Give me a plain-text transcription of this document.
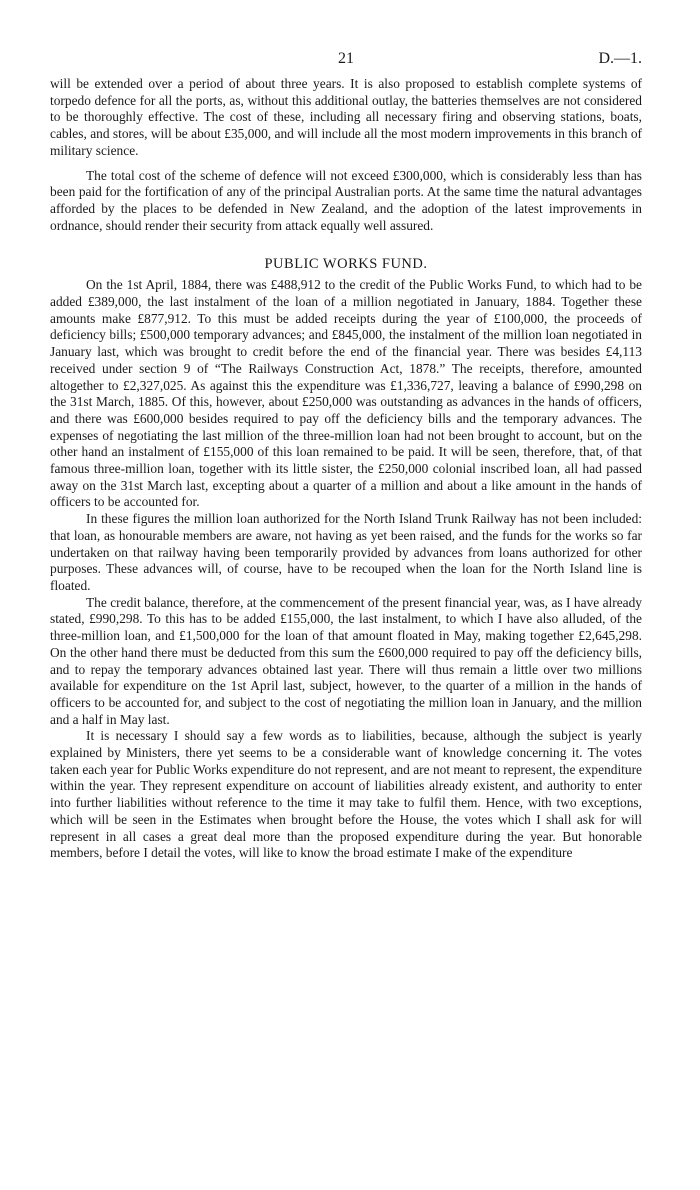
21	D.—1.

will be extended over a period of about three years. It is also proposed to establish complete systems of torpedo defence for all the ports, as, without this additional outlay, the batteries themselves are not considered to be thoroughly effective. The cost of these, including all necessary firing and observing stations, boats, cables, and stores, will be about £35,000, and will include all the most modern improvements in this branch of military science.

The total cost of the scheme of defence will not exceed £300,000, which is considerably less than has been paid for the fortification of any of the principal Australian ports. At the same time the natural advantages afforded by the places to be defended in New Zealand, and the adoption of the latest improvements in ordnance, should render their security from attack equally well assured.

PUBLIC WORKS FUND.

On the 1st April, 1884, there was £488,912 to the credit of the Public Works Fund, to which had to be added £389,000, the last instalment of the loan of a million negotiated in January, 1884. Together these amounts make £877,912. To this must be added receipts during the year of £100,000, the proceeds of deficiency bills; £500,000 temporary advances; and £845,000, the instalment of the million loan negotiated in January last, which was brought to credit before the end of the financial year. There was besides £4,113 received under section 9 of “The Railways Construction Act, 1878.” The receipts, therefore, amounted altogether to £2,327,025. As against this the expenditure was £1,336,727, leaving a balance of £990,298 on the 31st March, 1885. Of this, however, about £250,000 was outstanding as advances in the hands of officers, and there was £600,000 besides required to pay off the deficiency bills and the temporary advances. The expenses of negotiating the last million of the three-million loan had not been brought to account, but on the other hand an instalment of £155,000 of this loan remained to be paid. It will be seen, therefore, that, of that famous three-million loan, together with its little sister, the £250,000 colonial inscribed loan, all had passed away on the 31st March last, excepting about a quarter of a million and about a like amount in the hands of officers to be accounted for.

In these figures the million loan authorized for the North Island Trunk Railway has not been included: that loan, as honourable members are aware, not having as yet been raised, and the funds for the works so far undertaken on that railway having been temporarily provided by advances from loans authorized for other purposes. These advances will, of course, have to be recouped when the loan for the North Island line is floated.

The credit balance, therefore, at the commencement of the present financial year, was, as I have already stated, £990,298. To this has to be added £155,000, the last instalment, to which I have also alluded, of the three-million loan, and £1,500,000 for the loan of that amount floated in May, making together £2,645,298. On the other hand there must be deducted from this sum the £600,000 required to pay off the deficiency bills, and to repay the temporary advances obtained last year. There will thus remain a little over two millions available for expenditure on the 1st April last, subject, however, to the quarter of a million in the hands of officers to be accounted for, and subject to the cost of negotiating the million loan in January, and the million and a half in May last.

It is necessary I should say a few words as to liabilities, because, although the subject is yearly explained by Ministers, there yet seems to be a considerable want of knowledge concerning it. The votes taken each year for Public Works expenditure do not represent, and are not meant to represent, the expenditure within the year. They represent expenditure on account of liabilities already existent, and authority to enter into further liabilities without reference to the time it may take to fulfil them. Hence, with two exceptions, which will be seen in the Estimates when brought before the House, the votes which I shall ask for will represent in all cases a great deal more than the proposed expenditure during the year. But honorable members, before I detail the votes, will like to know the broad estimate I make of the expenditure
